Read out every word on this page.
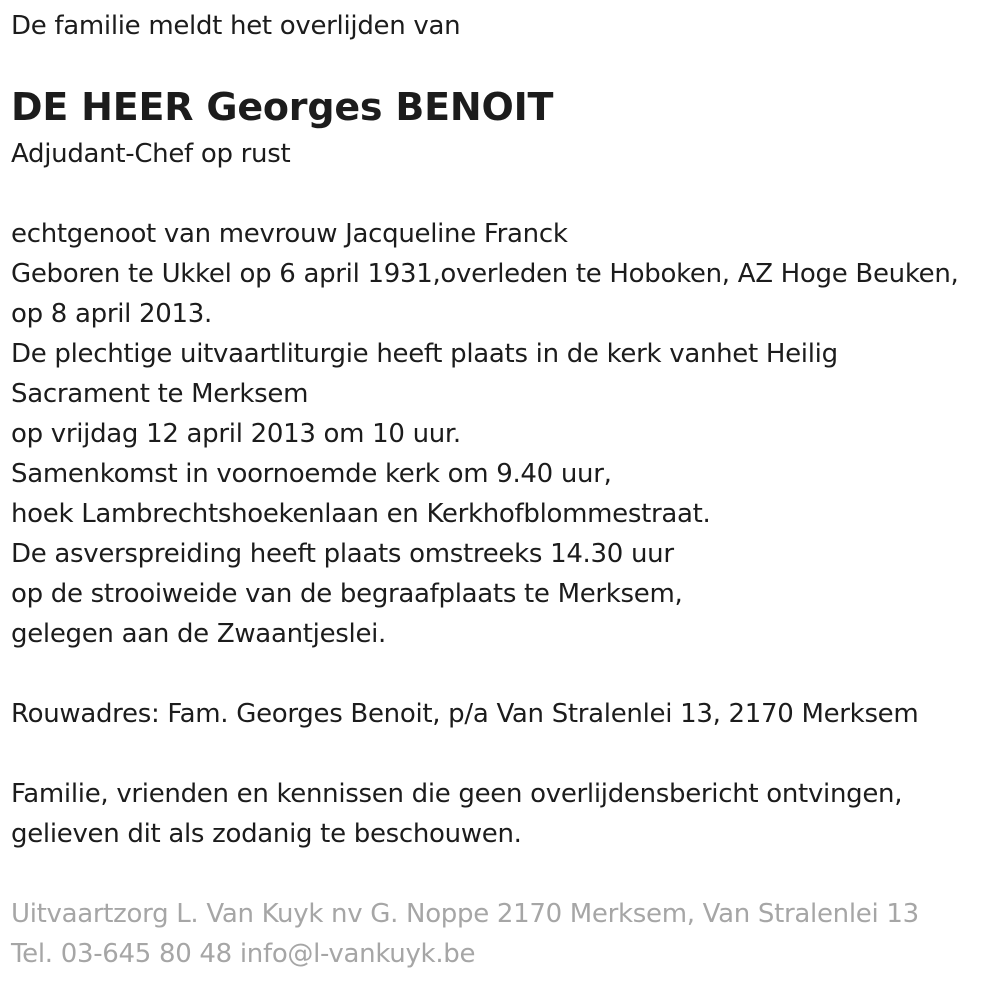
De familie meldt het overlijden van
DE HEER Georges BENOIT
Adjudant-Chef op rust
echtgenoot van mevrouw Jacqueline Franck
Geboren te Ukkel op 6 april 1931,overleden te Hoboken, AZ Hoge Beuken,
op 8 april 2013.
De plechtige uitvaartliturgie heeft plaats in de kerk vanhet Heilig
Sacrament te Merksem
op vrijdag 12 april 2013 om 10 uur.
Samenkomst in voornoemde kerk om 9.40 uur,
hoek Lambrechtshoekenlaan en Kerkhofblommestraat.
De asverspreiding heeft plaats omstreeks 14.30 uur
op de strooiweide van de begraafplaats te Merksem,
gelegen aan de Zwaantjeslei.
Rouwadres: Fam. Georges Benoit, p/a Van Stralenlei 13, 2170 Merksem
Familie, vrienden en kennissen die geen overlijdensbericht ontvingen,
gelieven dit als zodanig te beschouwen.
Uitvaartzorg L. Van Kuyk nv G. Noppe 2170 Merksem, Van Stralenlei 13
Tel. 03-645 80 48 info@l-vankuyk.be
